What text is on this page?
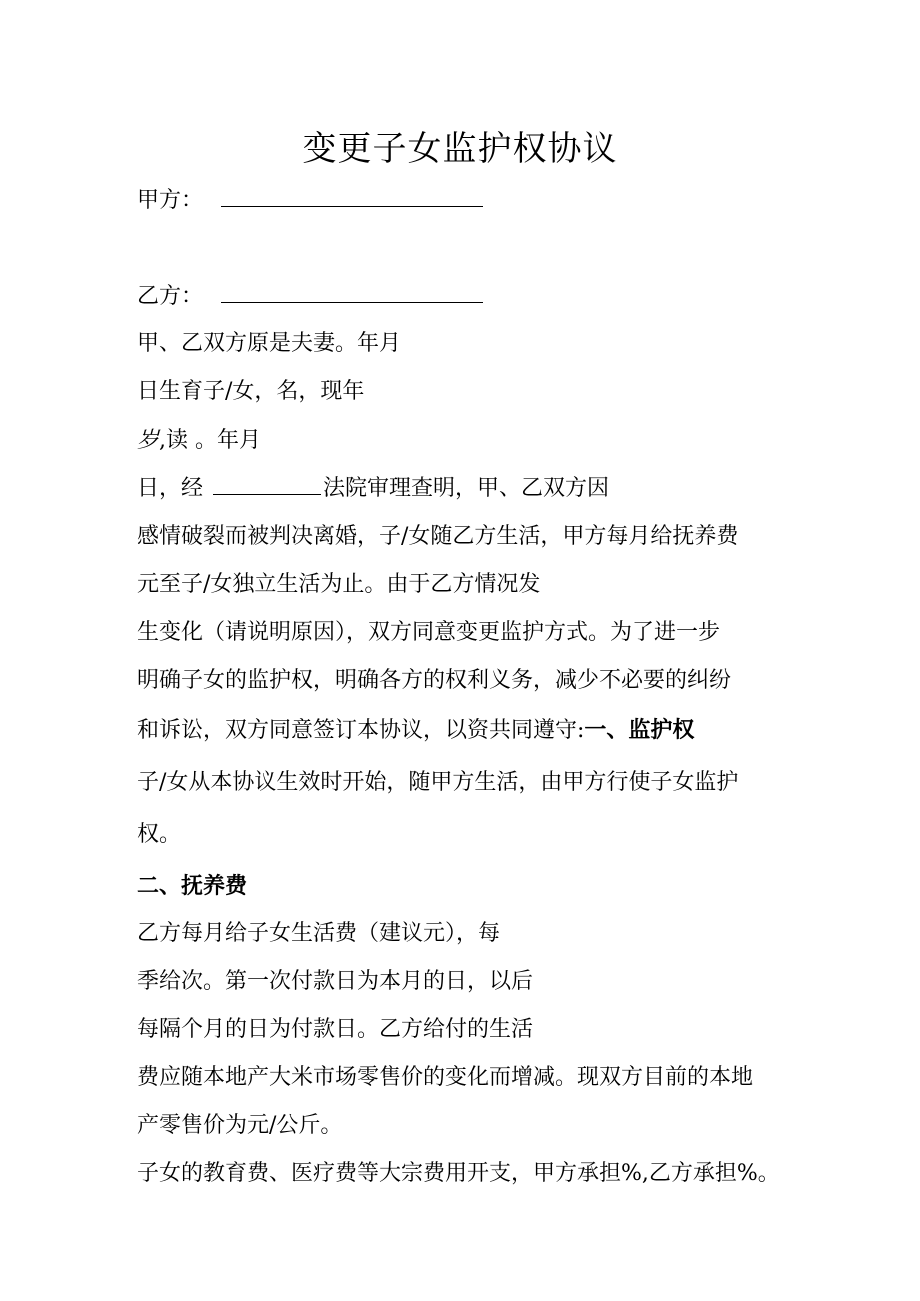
变更子女监护权协议
甲方：
乙方：
甲、乙双方原是夫妻。年月
日生育子/女，名，现年
岁,读 。年月
日，经	法院审理查明，甲、乙双方因
感情破裂而被判决离婚，子/女随乙方生活，甲方每月给抚养费
元至子/女独立生活为止。由于乙方情况发
生变化（请说明原因），双方同意变更监护方式。为了进一步
明确子女的监护权，明确各方的权利义务，减少不必要的纠纷
和诉讼，双方同意签订本协议，以资共同遵守:一、监护权
子/女从本协议生效时开始，随甲方生活，由甲方行使子女监护
权。
二、抚养费
乙方每月给子女生活费（建议元），每
季给次。第一次付款日为本月的日，以后
每隔个月的日为付款日。乙方给付的生活
费应随本地产大米市场零售价的变化而增减。现双方目前的本地
产零售价为元/公斤。
子女的教育费、医疗费等大宗费用开支，甲方承担%,乙方承担%。
